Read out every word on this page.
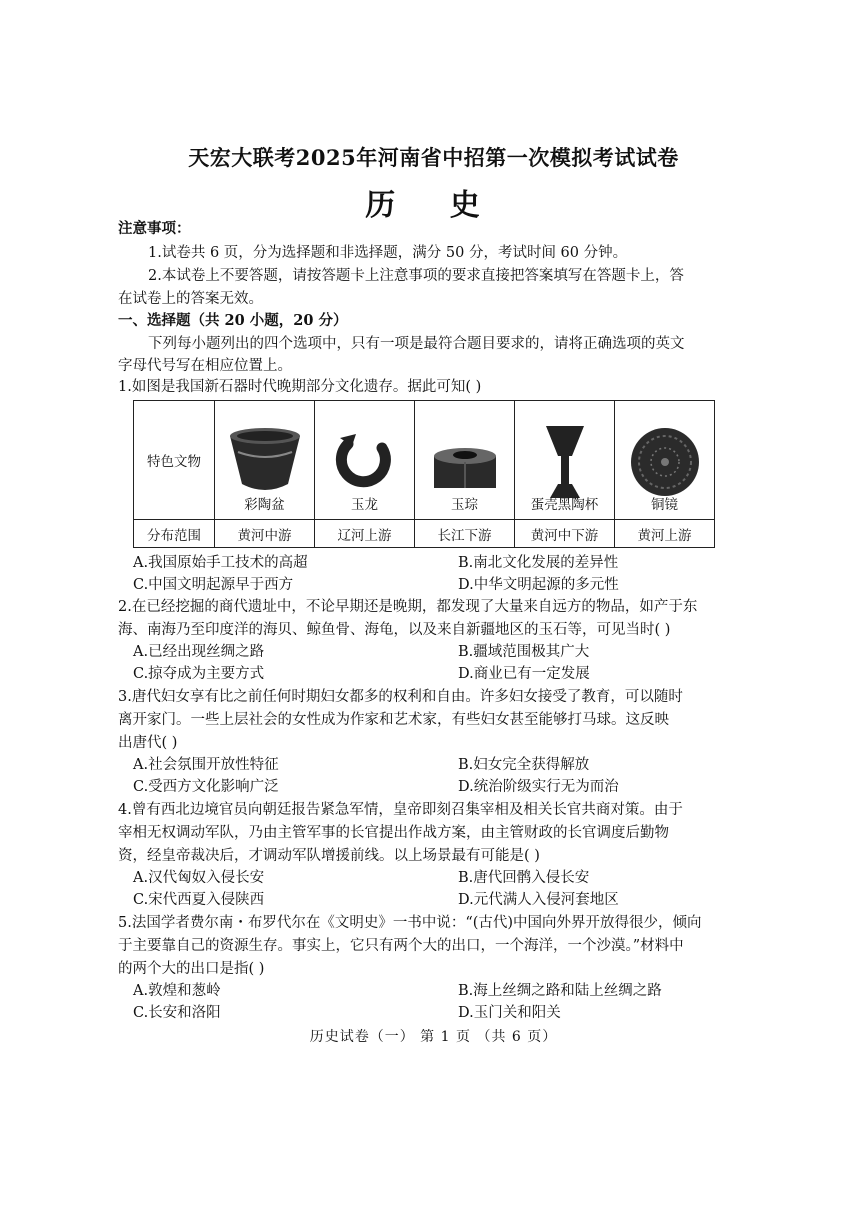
天宏大联考2025年河南省中招第一次模拟考试试卷
历 史
注意事项：
1.试卷共 6 页，分为选择题和非选择题，满分 50 分，考试时间 60 分钟。
2.本试卷上不要答题，请按答题卡上注意事项的要求直接把答案填写在答题卡上，答
在试卷上的答案无效。
一、选择题（共 20 小题，20 分）
下列每小题列出的四个选项中，只有一项是最符合题目要求的，请将正确选项的英文
字母代号写在相应位置上。
1.如图是我国新石器时代晚期部分文化遗存。据此可知( )
特色文物	彩陶盆	玉龙	玉琮	蛋壳黑陶杯	铜镜

分布范围	黄河中游	辽河上游	长江下游	黄河中下游	黄河上游
A.我国原始手工技术的高超	B.南北文化发展的差异性
C.中国文明起源早于西方	D.中华文明起源的多元性
2.在已经挖掘的商代遗址中，不论早期还是晚期，都发现了大量来自远方的物品，如产于东
海、南海乃至印度洋的海贝、鲸鱼骨、海龟，以及来自新疆地区的玉石等，可见当时( )
A.已经出现丝绸之路	B.疆域范围极其广大
C.掠夺成为主要方式	D.商业已有一定发展
3.唐代妇女享有比之前任何时期妇女都多的权利和自由。许多妇女接受了教育，可以随时
离开家门。一些上层社会的女性成为作家和艺术家，有些妇女甚至能够打马球。这反映
出唐代( )
A.社会氛围开放性特征	B.妇女完全获得解放
C.受西方文化影响广泛	D.统治阶级实行无为而治
4.曾有西北边境官员向朝廷报告紧急军情，皇帝即刻召集宰相及相关长官共商对策。由于
宰相无权调动军队，乃由主管军事的长官提出作战方案，由主管财政的长官调度后勤物
资，经皇帝裁决后，才调动军队增援前线。以上场景最有可能是( )
A.汉代匈奴入侵长安	B.唐代回鹘入侵长安
C.宋代西夏入侵陕西	D.元代满人入侵河套地区
5.法国学者费尔南・布罗代尔在《文明史》一书中说：“(古代)中国向外界开放得很少，倾向
于主要靠自己的资源生存。事实上，它只有两个大的出口，一个海洋，一个沙漠。”材料中
的两个大的出口是指( )
A.敦煌和葱岭	B.海上丝绸之路和陆上丝绸之路
C.长安和洛阳	D.玉门关和阳关
历史试卷（一） 第 1 页 （共 6 页）
